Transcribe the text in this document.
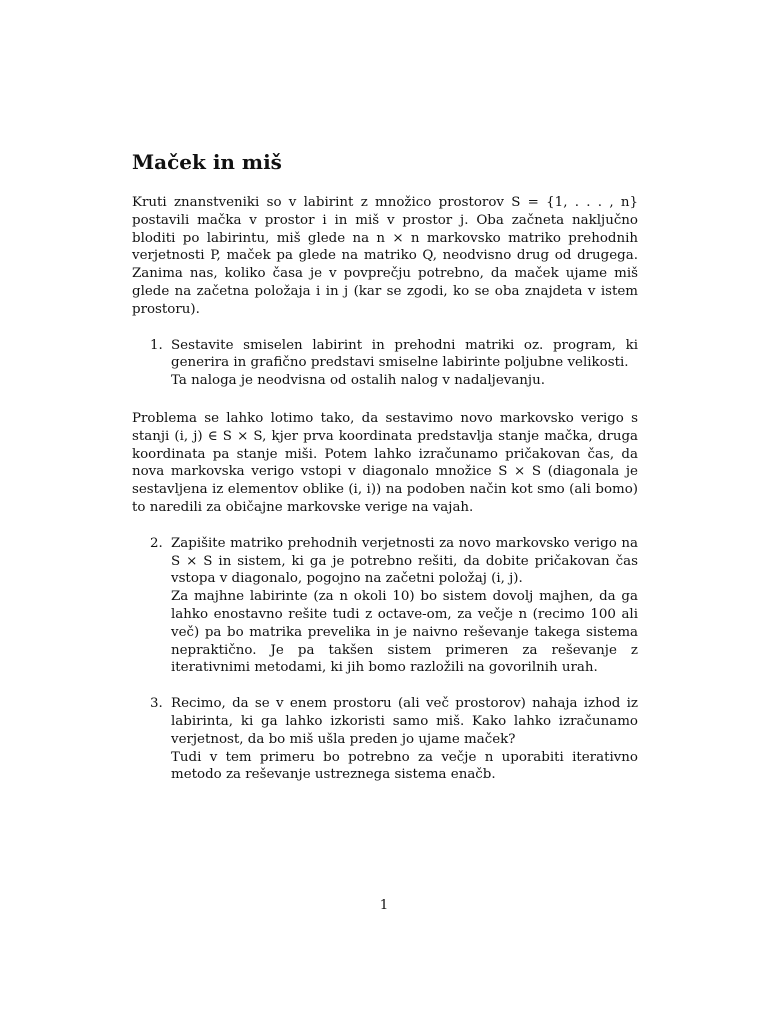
Maček in miš

Kruti znanstveniki so v labirint z množico prostorov S = {1, . . . , n} postavili mačka v prostor i in miš v prostor j. Oba začneta naključno bloditi po labirintu, miš glede na n × n markovsko matriko prehodnih verjetnosti P, maček pa glede na matriko Q, neodvisno drug od drugega. Zanima nas, koliko časa je v povprečju potrebno, da maček ujame miš glede na začetna položaja i in j (kar se zgodi, ko se oba znajdeta v istem prostoru).

1. Sestavite smiselen labirint in prehodni matriki oz. program, ki generira in grafično predstavi smiselne labirinte poljubne velikosti.
Ta naloga je neodvisna od ostalih nalog v nadaljevanju.

Problema se lahko lotimo tako, da sestavimo novo markovsko verigo s stanji (i, j) ∈ S × S, kjer prva koordinata predstavlja stanje mačka, druga koordinata pa stanje miši. Potem lahko izračunamo pričakovan čas, da nova markovska verigo vstopi v diagonalo množice S × S (diagonala je sestavljena iz elementov oblike (i, i)) na podoben način kot smo (ali bomo) to naredili za običajne markovske verige na vajah.

2. Zapišite matriko prehodnih verjetnosti za novo markovsko verigo na S × S in sistem, ki ga je potrebno rešiti, da dobite pričakovan čas vstopa v diagonalo, pogojno na začetni položaj (i, j).
Za majhne labirinte (za n okoli 10) bo sistem dovolj majhen, da ga lahko enostavno rešite tudi z octave-om, za večje n (recimo 100 ali več) pa bo matrika prevelika in je naivno reševanje takega sistema nepraktično. Je pa takšen sistem primeren za reševanje z iterativnimi metodami, ki jih bomo razložili na govorilnih urah.
3. Recimo, da se v enem prostoru (ali več prostorov) nahaja izhod iz labirinta, ki ga lahko izkoristi samo miš. Kako lahko izračunamo verjetnost, da bo miš ušla preden jo ujame maček?
Tudi v tem primeru bo potrebno za večje n uporabiti iterativno metodo za reševanje ustreznega sistema enačb.
1
